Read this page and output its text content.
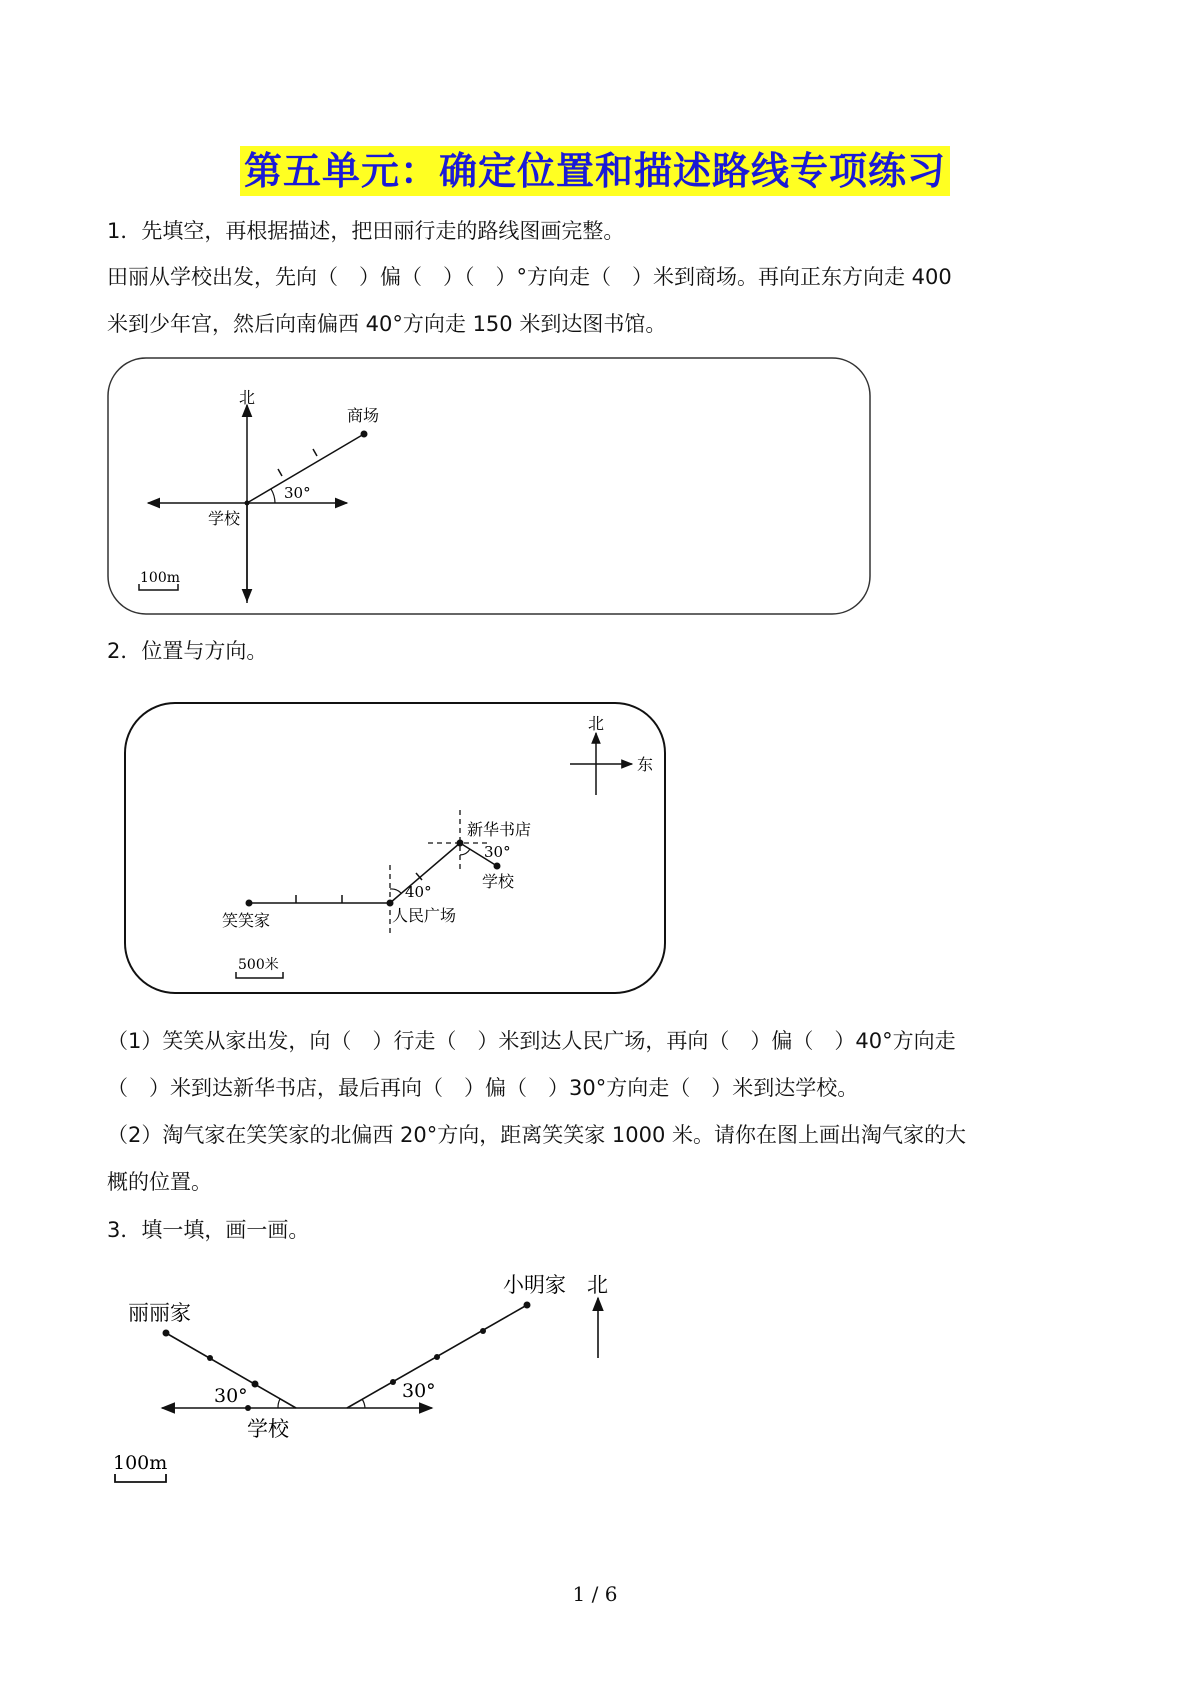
第五单元：确定位置和描述路线专项练习
1．先填空，再根据描述，把田丽行走的路线图画完整。
田丽从学校出发，先向（　）偏（　）（　）°方向走（　）米到商场。再向正东方向走 400
米到少年宫，然后向南偏西 40°方向走 150 米到达图书馆。
北
商场
30°
学校
100m
2．位置与方向。
北
东
新华书店
30°
学校
40°
笑笑家	人民广场
500米
（1）笑笑从家出发，向（　）行走（　）米到达人民广场，再向（　）偏（　）40°方向走
（　）米到达新华书店，最后再向（　）偏（　）30°方向走（　）米到达学校。
（2）淘气家在笑笑家的北偏西 20°方向，距离笑笑家 1000 米。请你在图上画出淘气家的大
概的位置。
3．填一填，画一画。
丽丽家
小明家 北
30°	30°
学校
100m
1 / 6
